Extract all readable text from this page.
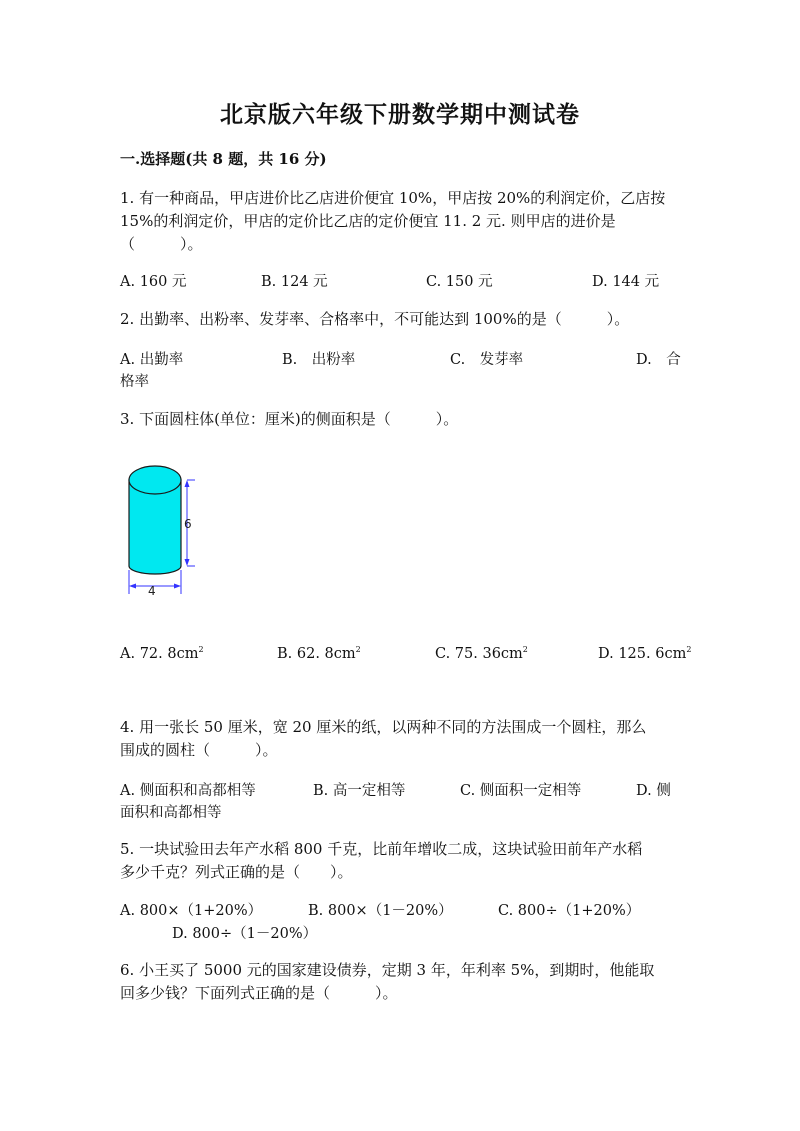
北京版六年级下册数学期中测试卷
一.选择题(共 8 题，共 16 分)
1. 有一种商品，甲店进价比乙店进价便宜 10%，甲店按 20%的利润定价，乙店按
15%的利润定价，甲店的定价比乙店的定价便宜 11. 2 元. 则甲店的进价是
（　　　）。
A. 160 元	B. 124 元	C. 150 元	D. 144 元
2. 出勤率、出粉率、发芽率、合格率中，不可能达到 100%的是（　　　）。
A. 出勤率	B.　出粉率	C.　发芽率	D.　合
格率
3. 下面圆柱体(单位：厘米)的侧面积是（　　　）。
6
4
A. 72. $8cm^2$	B. 62. $8cm^2$	C. 75. $36cm^2$	D. 125. $6cm^2$
4. 用一张长 50 厘米，宽 20 厘米的纸，以两种不同的方法围成一个圆柱，那么
围成的圆柱（　　　）。
A. 侧面积和高都相等	B. 高一定相等	C. 侧面积一定相等	D. 侧
面积和高都相等
5. 一块试验田去年产水稻 800 千克，比前年增收二成，这块试验田前年产水稻
多少千克？列式正确的是（　　）。
A. 800×（1+20%）	B. 800×（1－20%）	C. 800÷（1+20%）
D. 800÷（1－20%）
6. 小王买了 5000 元的国家建设债券，定期 3 年，年利率 5%，到期时，他能取
回多少钱？下面列式正确的是（　　　）。
